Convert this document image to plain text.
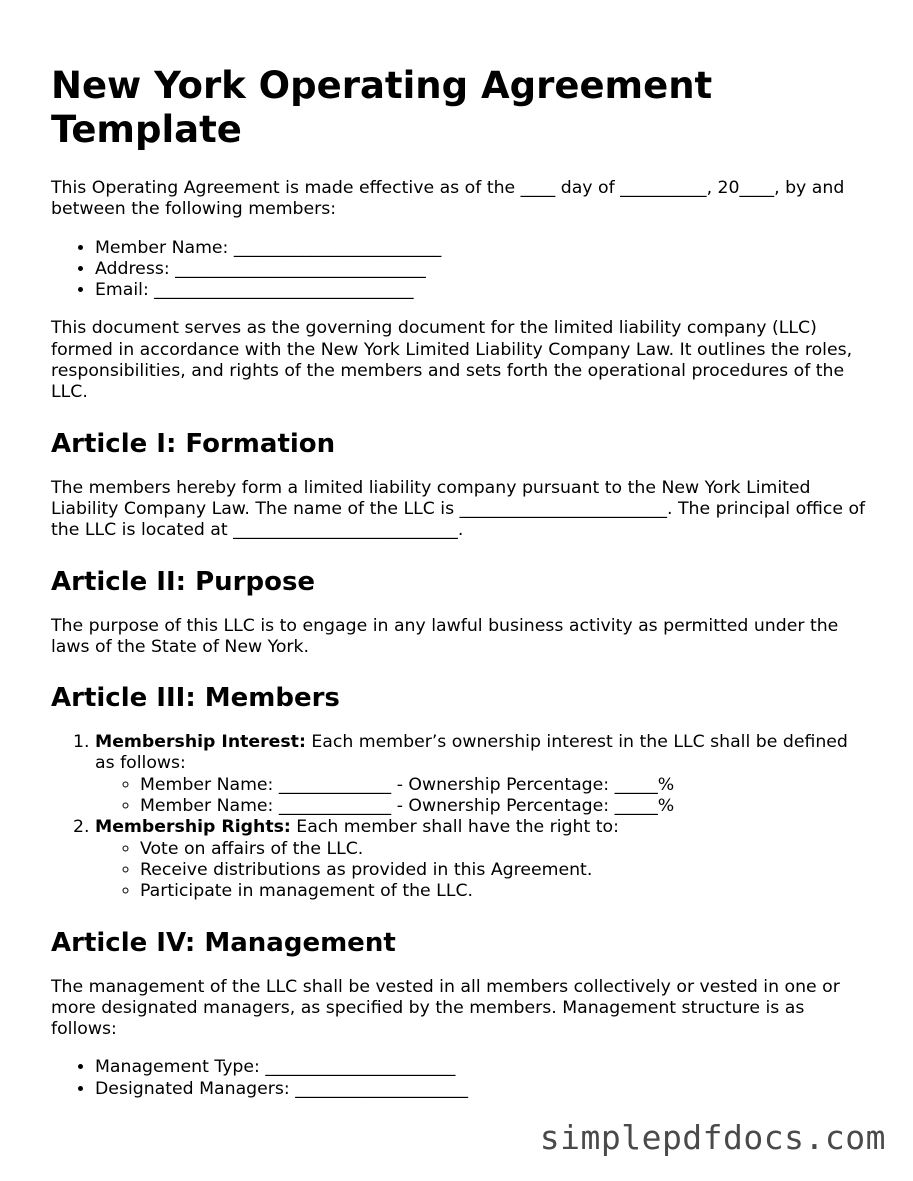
New York Operating Agreement Template

This Operating Agreement is made effective as of the ____ day of __________, 20____, by and between the following members:

• Member Name: ________________________
• Address: _____________________________
• Email: ______________________________

This document serves as the governing document for the limited liability company (LLC) formed in accordance with the New York Limited Liability Company Law. It outlines the roles, responsibilities, and rights of the members and sets forth the operational procedures of the LLC.

Article I: Formation

The members hereby form a limited liability company pursuant to the New York Limited Liability Company Law. The name of the LLC is ________________________. The principal office of the LLC is located at __________________________.

Article II: Purpose

The purpose of this LLC is to engage in any lawful business activity as permitted under the laws of the State of New York.

Article III: Members
1. Membership Interest: Each member’s ownership interest in the LLC shall be defined as follows:
◦ Member Name: _____________ - Ownership Percentage: _____%
◦ Member Name: _____________ - Ownership Percentage: _____%
2. Membership Rights: Each member shall have the right to:
◦ Vote on affairs of the LLC.
◦ Receive distributions as provided in this Agreement.
◦ Participate in management of the LLC.
Article IV: Management

The management of the LLC shall be vested in all members collectively or vested in one or more designated managers, as specified by the members. Management structure is as follows:

• Management Type: ______________________
• Designated Managers: ____________________
simplepdfdocs.com
